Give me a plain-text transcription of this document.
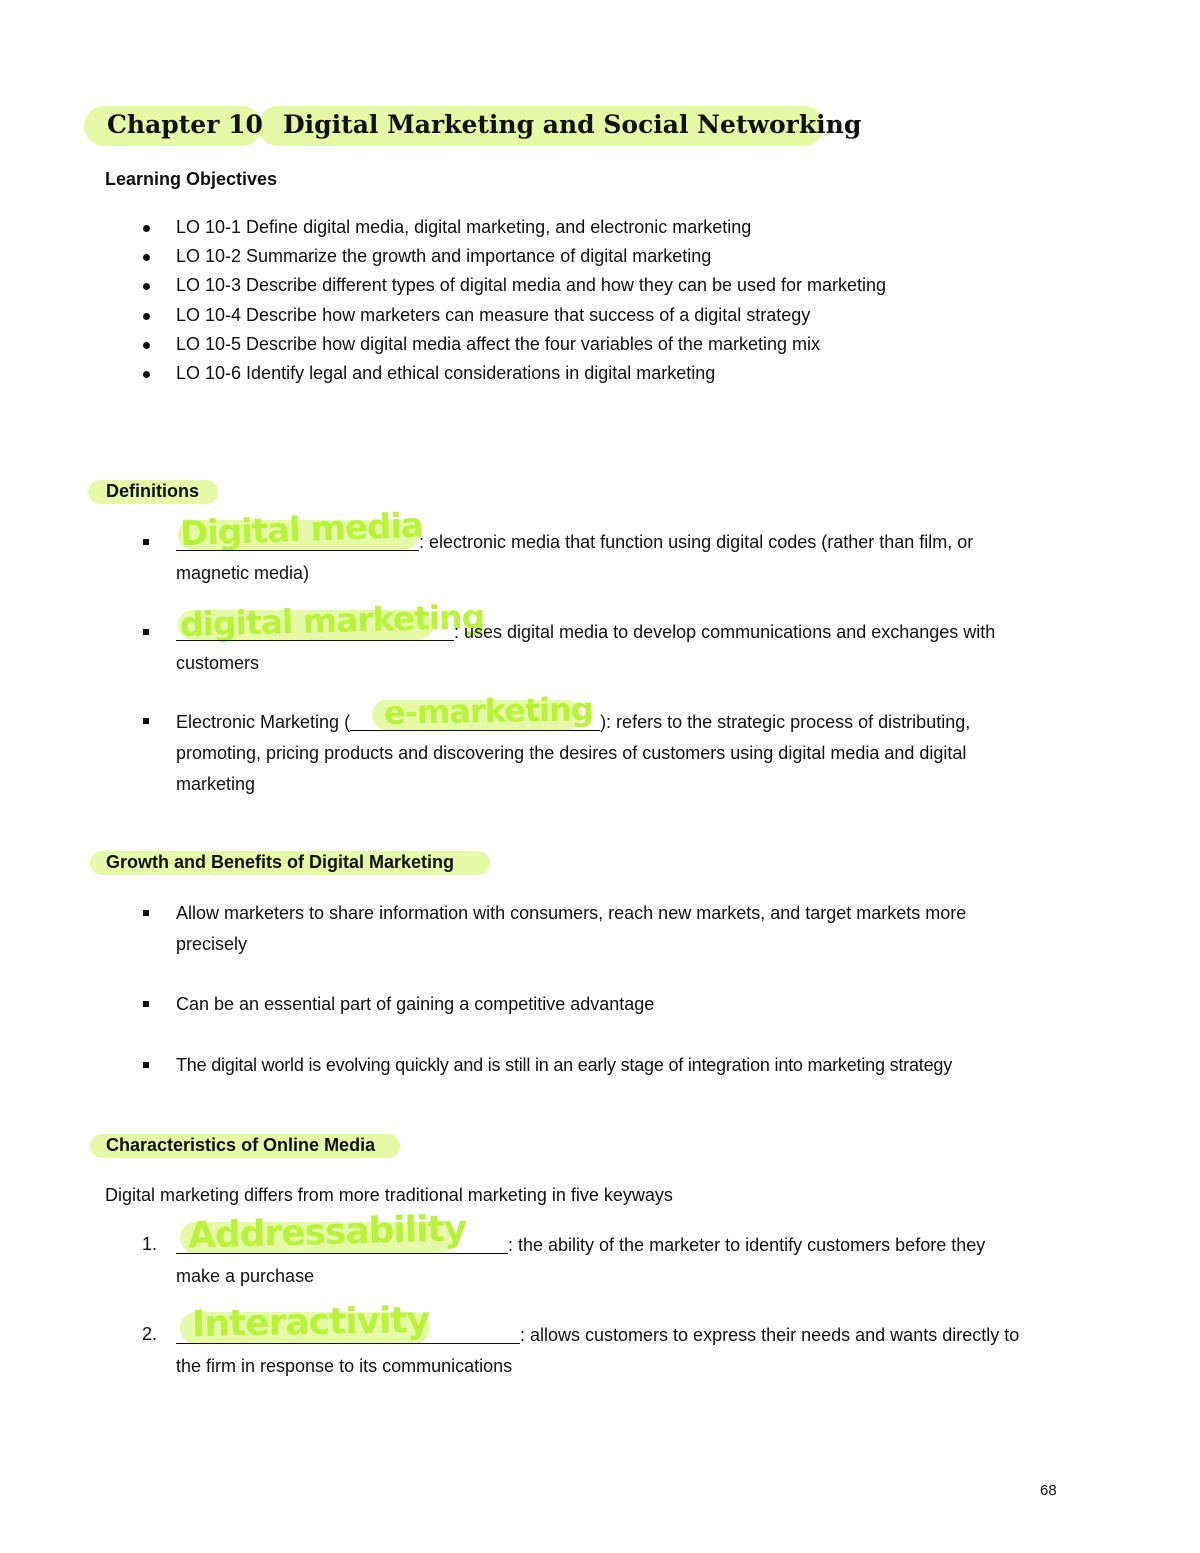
Chapter 10 Digital Marketing and Social Networking
Learning Objectives
LO 10-1 Define digital media, digital marketing, and electronic marketing
LO 10-2 Summarize the growth and importance of digital marketing
LO 10-3 Describe different types of digital media and how they can be used for marketing
LO 10-4 Describe how marketers can measure that success of a digital strategy
LO 10-5 Describe how digital media affect the four variables of the marketing mix
LO 10-6 Identify legal and ethical considerations in digital marketing
Definitions
Digital media
: electronic media that function using digital codes (rather than film, or
magnetic media)
digital marketing
: uses digital media to develop communications and exchanges with
customers
e-marketing
Electronic Marketing (	): refers to the strategic process of distributing,
promoting, pricing products and discovering the desires of customers using digital media and digital
marketing
Growth and Benefits of Digital Marketing
Allow marketers to share information with consumers, reach new markets, and target markets more
precisely
Can be an essential part of gaining a competitive advantage
The digital world is evolving quickly and is still in an early stage of integration into marketing strategy
Characteristics of Online Media
Digital marketing differs from more traditional marketing in five keyways
1. Addressability	: the ability of the marketer to identify customers before they
make a purchase
2. Interactivity	: allows customers to express their needs and wants directly to
the firm in response to its communications
68
